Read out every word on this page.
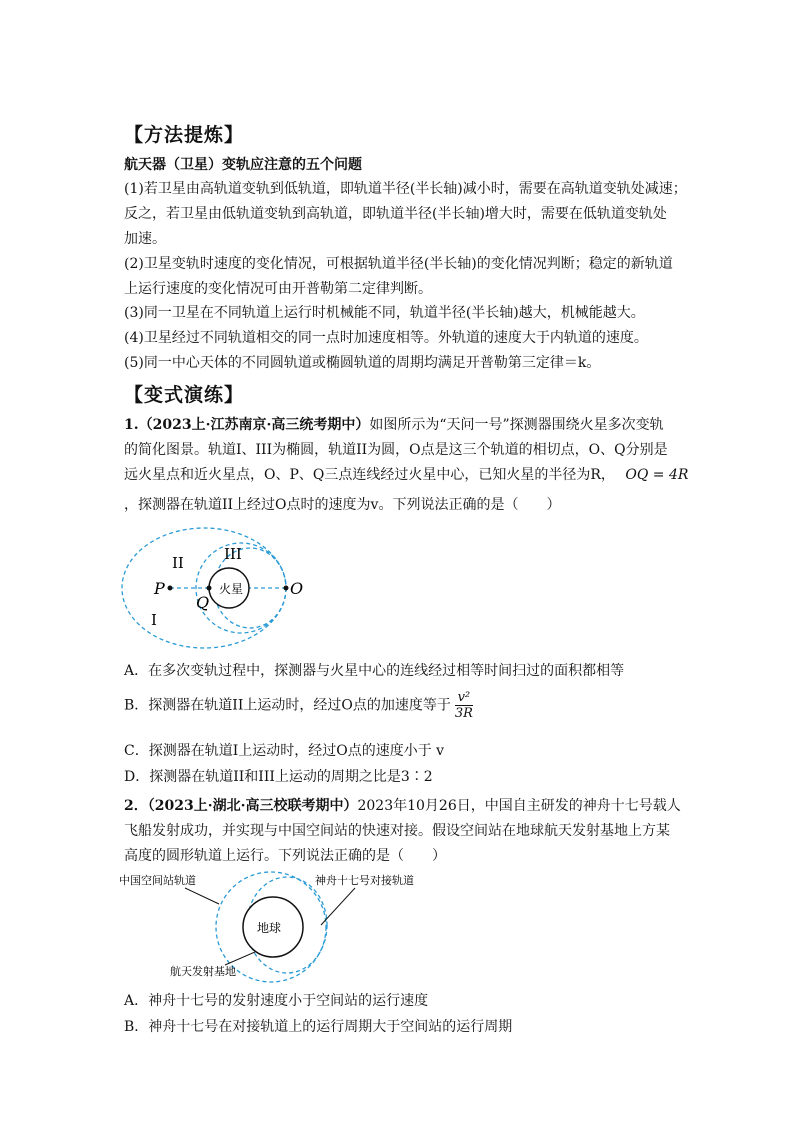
【方法提炼】
航天器（卫星）变轨应注意的五个问题
(1)若卫星由高轨道变轨到低轨道，即轨道半径(半长轴)减小时，需要在高轨道变轨处减速；
反之，若卫星由低轨道变轨到高轨道，即轨道半径(半长轴)增大时，需要在低轨道变轨处
加速。
(2)卫星变轨时速度的变化情况，可根据轨道半径(半长轴)的变化情况判断；稳定的新轨道
上运行速度的变化情况可由开普勒第二定律判断。
(3)同一卫星在不同轨道上运行时机械能不同，轨道半径(半长轴)越大，机械能越大。
(4)卫星经过不同轨道相交的同一点时加速度相等。外轨道的速度大于内轨道的速度。
(5)同一中心天体的不同圆轨道或椭圆轨道的周期均满足开普勒第三定律＝k。
【变式演练】
1.（2023上·江苏南京·高三统考期中）如图所示为“天问一号”探测器围绕火星多次变轨
的简化图景。轨道I、III为椭圆，轨道II为圆，O点是这三个轨道的相切点，O、Q分别是
远火星点和近火星点，O、P、Q三点连线经过火星中心，已知火星的半径为R， OQ = 4R
，探测器在轨道II上经过O点时的速度为v。下列说法正确的是（　　）
火星
II	III
I
P
Q
O
A．在多次变轨过程中，探测器与火星中心的连线经过相等时间扫过的面积都相等
B．探测器在轨道II上运动时，经过O点的加速度等于 $\frac{\text{v²}}{3R}$
C．探测器在轨道I上运动时，经过O点的速度小于 v
D．探测器在轨道II和III上运动的周期之比是3∶2
2．（2023上·湖北·高三校联考期中）2023年10月26日，中国自主研发的神舟十七号载人
飞船发射成功，并实现与中国空间站的快速对接。假设空间站在地球航天发射基地上方某
高度的圆形轨道上运行。下列说法正确的是（　　）
地球
中国空间站轨道	神舟十七号对接轨道
航天发射基地
A．神舟十七号的发射速度小于空间站的运行速度
B．神舟十七号在对接轨道上的运行周期大于空间站的运行周期
